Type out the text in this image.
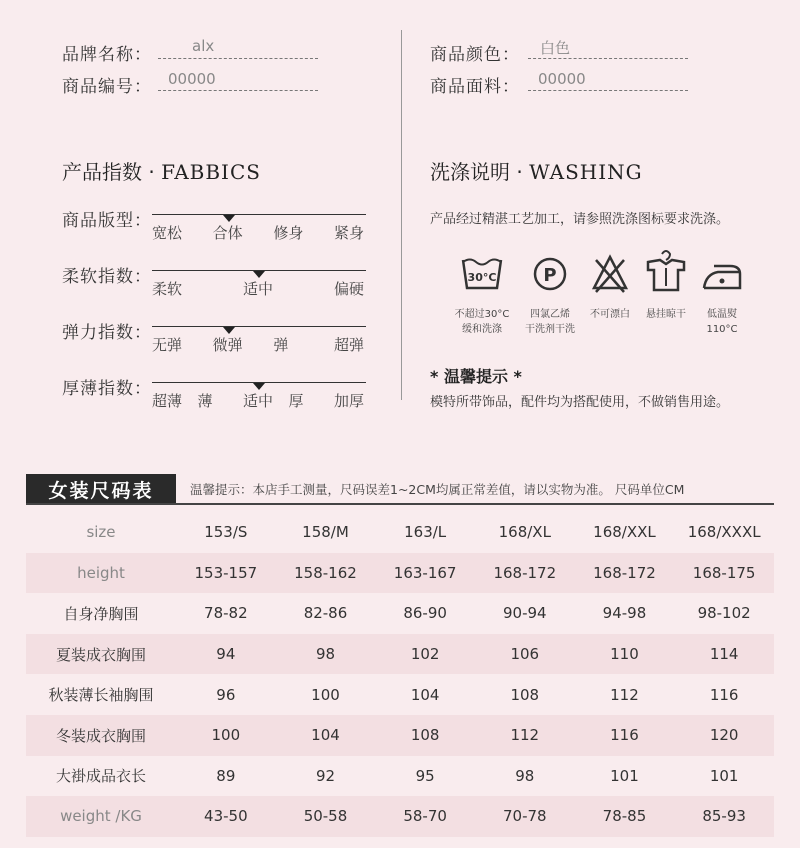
品牌名称：	alx
商品编号： 00000
商品颜色： 白色
商品面料： 00000
产品指数 · FABBICS
商品版型：
宽松 合体 修身 紧身
柔软指数：
柔软	适中	偏硬
弹力指数：
无弹 微弹 弹	超弹
厚薄指数：
超薄 薄 适中 厚 加厚
洗涤说明 · WASHING
产品经过精湛工艺加工，请参照洗涤图标要求洗涤。
30°C	P
不超过30°C
缓和洗涤
四氯乙烯
干洗剂干洗
不可漂白	悬挂晾干	低温熨
110°C
* 温馨提示 *
模特所带饰品，配件均为搭配使用，不做销售用途。
女装尺码表	温馨提示：本店手工测量，尺码误差1~2CM均属正常差值，请以实物为准。 尺码单位CM
size	153/S	158/M	163/L	168/XL	168/XXL	168/XXXL
height	153-157	158-162	163-167	168-172	168-172	168-175
自身净胸围	78-82	82-86	86-90	90-94	94-98	98-102
夏装成衣胸围	94	98	102	106	110	114
秋装薄长袖胸围	96	100	104	108	112	116
冬装成衣胸围	100	104	108	112	116	120
大褂成品衣长	89	92	95	98	101	101
weight /KG	43-50	50-58	58-70	70-78	78-85	85-93
